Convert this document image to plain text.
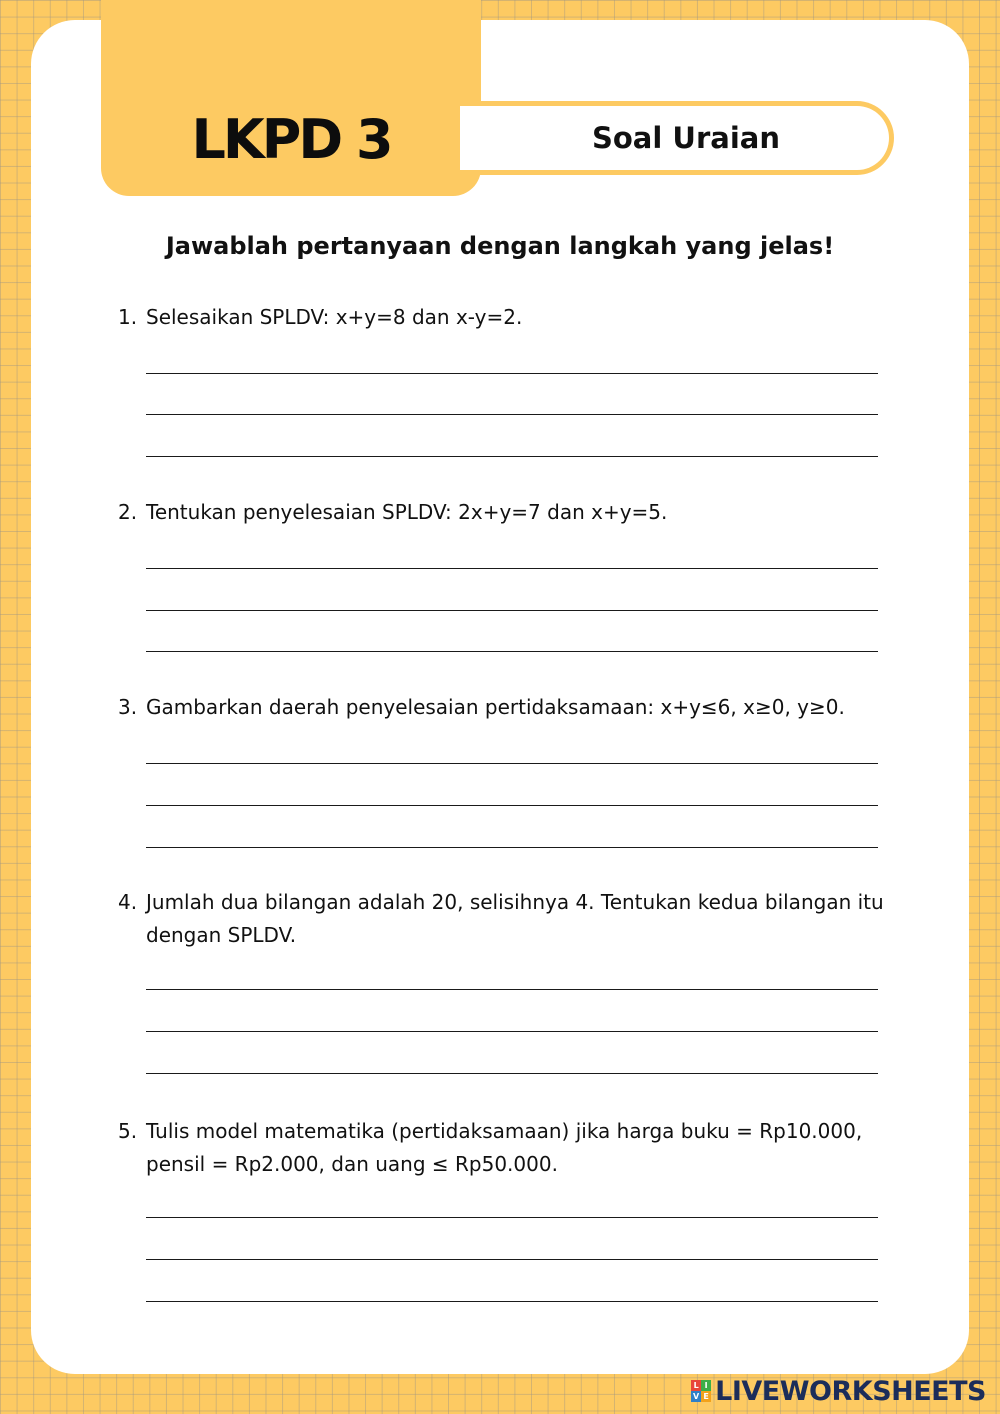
LKPD 3	Soal Uraian
Jawablah pertanyaan dengan langkah yang jelas!
1. Selesaikan SPLDV: x+y=8 dan x-y=2.
2. Tentukan penyelesaian SPLDV: 2x+y=7 dan x+y=5.
3. Gambarkan daerah penyelesaian pertidaksamaan: x+y≤6, x≥0, y≥0.
4. Jumlah dua bilangan adalah 20, selisihnya 4. Tentukan kedua bilangan itu dengan SPLDV.
5. Tulis model matematika (pertidaksamaan) jika harga buku = Rp10.000, pensil = Rp2.000, dan uang ≤ Rp50.000.
L I
V E LIVEWORKSHEETS
